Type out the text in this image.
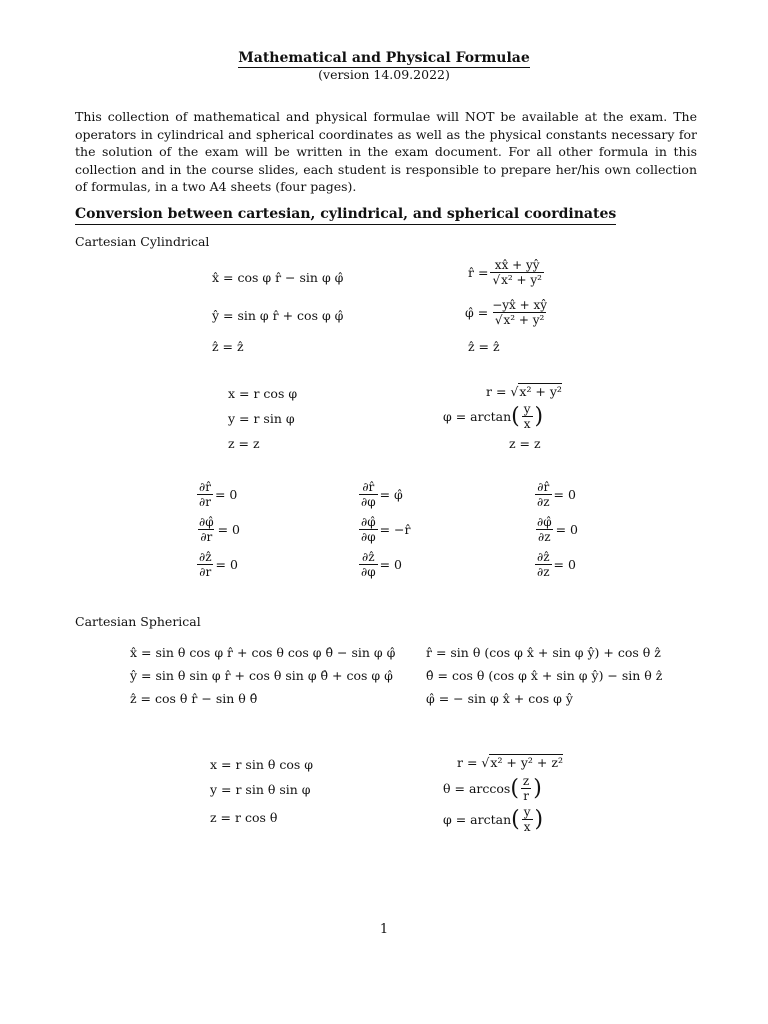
Mathematical and Physical Formulae
(version 14.09.2022)
This collection of mathematical and physical formulae will NOT be available at the exam. The operators in cylindrical and spherical coordinates as well as the physical constants necessary for the solution of the exam will be written in the exam document. For all other formula in this collection and in the course slides, each student is responsible to prepare her/his own collection of formulas, in a two A4 sheets (four pages).
Conversion between cartesian, cylindrical, and spherical coordinates
Cartesian Cylindrical
x̂ = cos φ r̂ − sin φ φ̂
ŷ = sin φ r̂ + cos φ φ̂
ẑ = ẑ
r̂ = $\frac{xx̂ + yŷ}{\text{√x² + y²}}$
φ̂ = $\frac{-yx̂ + xŷ}{\text{√x² + y²}}$
ẑ = ẑ
x = r cos φ
y = r sin φ
z = z
r = √ x² + y²
φ = arctan ( $\frac{y}{x}$ )
z = z
$\frac{\partial r̂}{\partial r} = 0$	$\frac{\partial r̂}{\partial\varphi}$ = φ̂	$\frac{\partial r̂}{\partial z} = 0$
$\frac{\partial\varphî}{\partial r} = 0$	$\frac{\partial\varphî}{\partial\varphi}$ = −r̂	$\frac{\partial\varphî}{\partial z} = 0$
$\frac{\text{∂ẑ}}{\partial r} = 0$	$\frac{\text{∂ẑ}}{\partial\varphi} = 0$	$\frac{\text{∂ẑ}}{\partial z} = 0$
Cartesian Spherical
x̂ = sin θ cos φ r̂ + cos θ cos φ θ̂ − sin φ φ̂
ŷ = sin θ sin φ r̂ + cos θ sin φ θ̂ + cos φ φ̂
ẑ = cos θ r̂ − sin θ θ̂
r̂ = sin θ (cos φ x̂ + sin φ ŷ) + cos θ ẑ
θ̂ = cos θ (cos φ x̂ + sin φ ŷ) − sin θ ẑ
φ̂ = − sin φ x̂ + cos φ ŷ
x = r sin θ cos φ
y = r sin θ sin φ
z = r cos θ
r = √ x² + y² + z²
θ = arccos ( $\frac{z}{r}$ )
φ = arctan ( $\frac{y}{x}$ )
1
